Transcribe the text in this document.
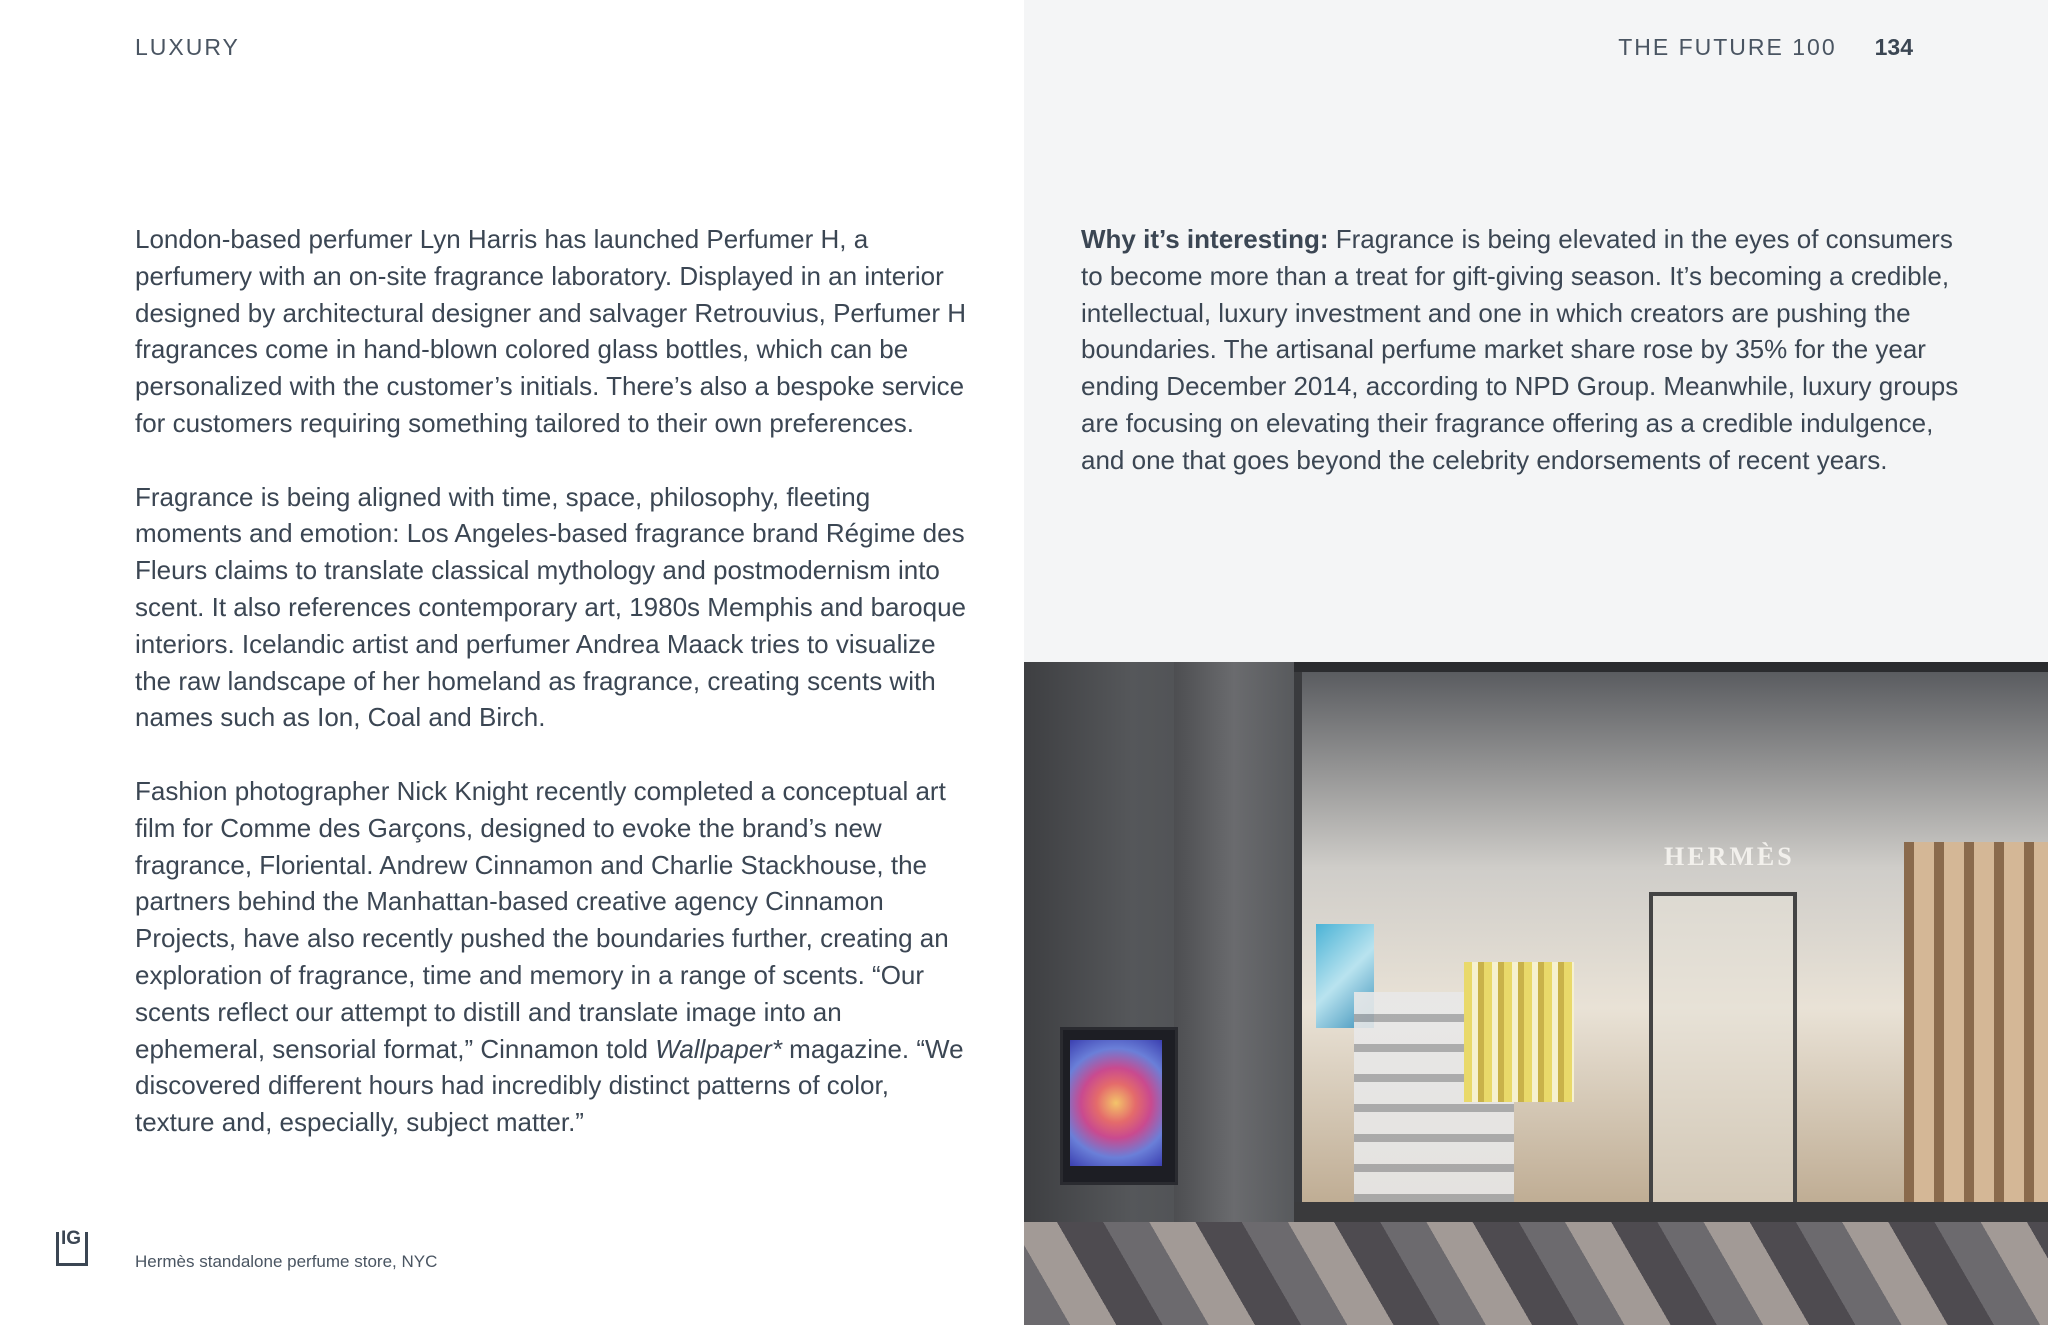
LUXURY	THE FUTURE 100 134

London-based perfumer Lyn Harris has launched Perfumer H, a perfumery with an on-site fragrance laboratory. Displayed in an interior designed by architectural designer and salvager Retrouvius, Perfumer H fragrances come in hand-blown colored glass bottles, which can be personalized with the customer’s initials. There’s also a bespoke service for customers requiring something tailored to their own preferences.

Fragrance is being aligned with time, space, philosophy, fleeting moments and emotion: Los Angeles-based fragrance brand Régime des Fleurs claims to translate classical mythology and postmodernism into scent. It also references contemporary art, 1980s Memphis and baroque interiors. Icelandic artist and perfumer Andrea Maack tries to visualize the raw landscape of her homeland as fragrance, creating scents with names such as Ion, Coal and Birch.

Fashion photographer Nick Knight recently completed a conceptual art film for Comme des Garçons, designed to evoke the brand’s new fragrance, Floriental. Andrew Cinnamon and Charlie Stackhouse, the partners behind the Manhattan-based creative agency Cinnamon Projects, have also recently pushed the boundaries further, creating an exploration of fragrance, time and memory in a range of scents. “Our scents reflect our attempt to distill and translate image into an ephemeral, sensorial format,” Cinnamon told Wallpaper* magazine. “We discovered different hours had incredibly distinct patterns of color, texture and, especially, subject matter.”

Why it’s interesting: Fragrance is being elevated in the eyes of consumers to become more than a treat for gift-giving season. It’s becoming a credible, intellectual, luxury investment and one in which creators are pushing the boundaries. The artisanal perfume market share rose by 35% for the year ending December 2014, according to NPD Group. Meanwhile, luxury groups are focusing on elevating their fragrance offering as a credible indulgence, and one that goes beyond the celebrity endorsements of recent years.

HERMÈS
IG
Hermès standalone perfume store, NYC
